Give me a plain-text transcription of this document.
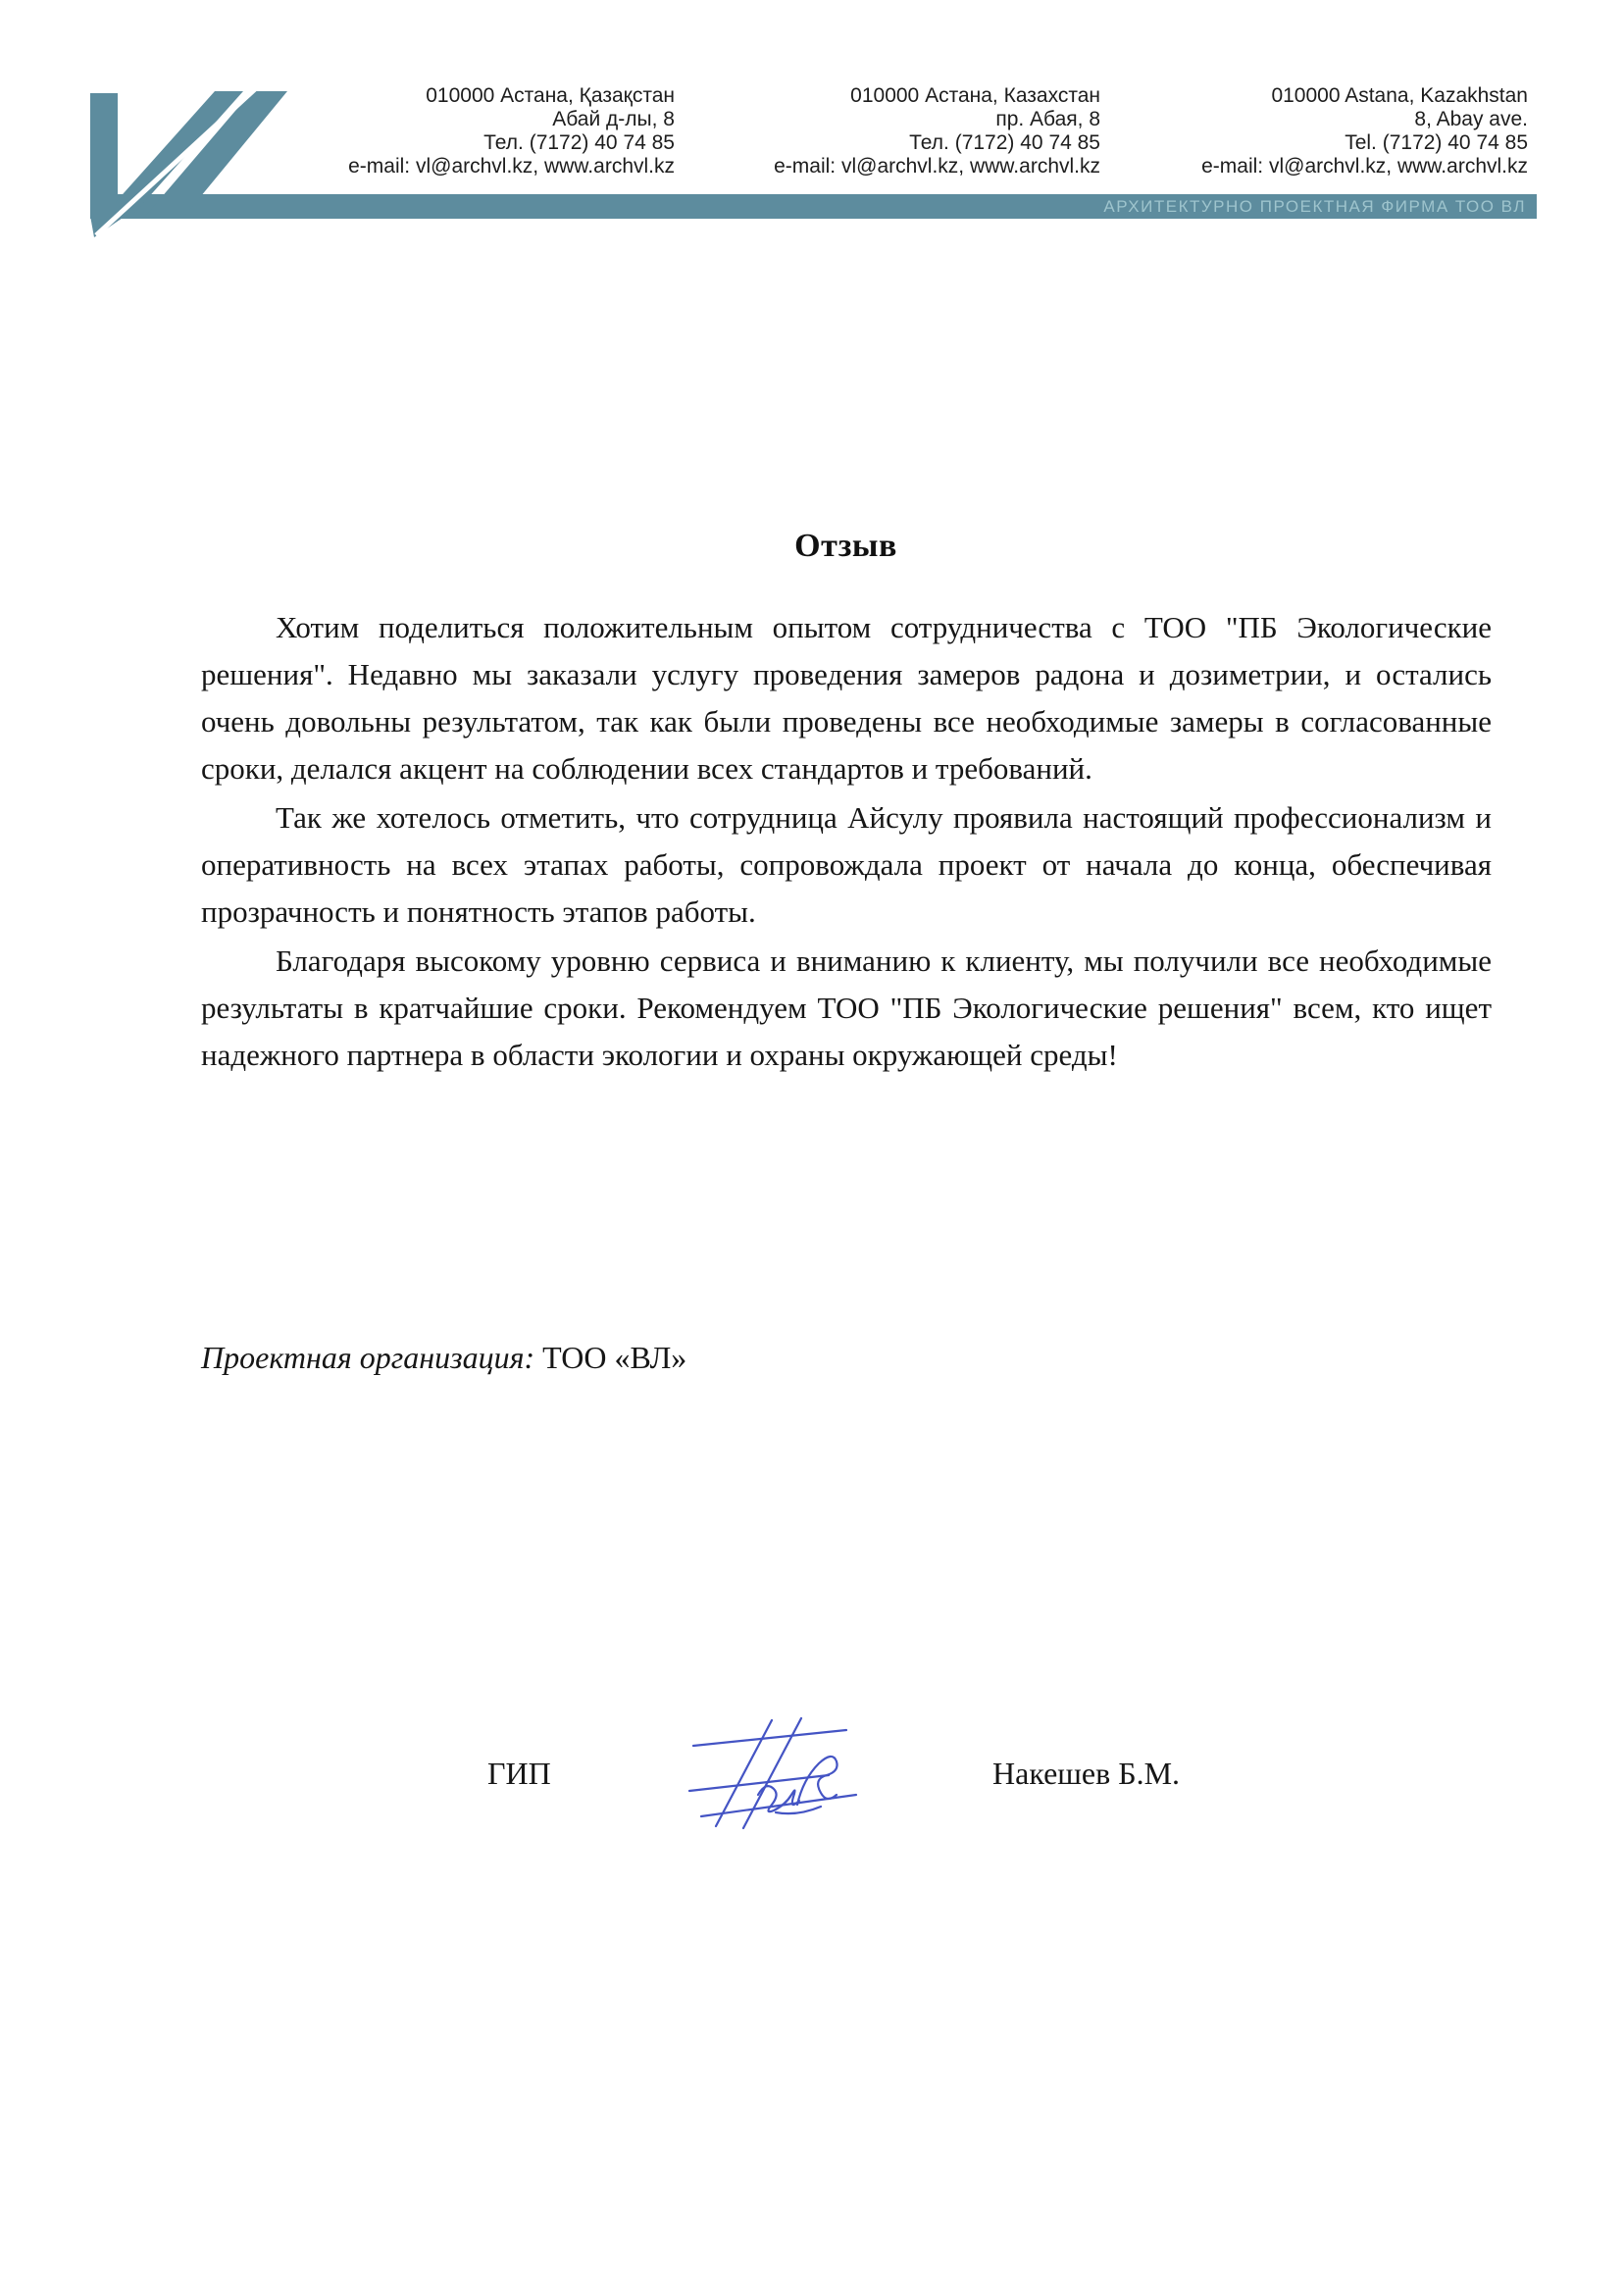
010000 Астана, Қазақстан
Абай д-лы, 8
Тел. (7172) 40 74 85
e-mail: vl@archvl.kz, www.archvl.kz
010000 Астана, Казахстан
пр. Абая, 8
Тел. (7172) 40 74 85
e-mail: vl@archvl.kz, www.archvl.kz
010000 Astana, Kazakhstan
8, Abay ave.
Tel. (7172) 40 74 85
e-mail: vl@archvl.kz, www.archvl.kz
АРХИТЕКТУРНО ПРОЕКТНАЯ ФИРМА ТОО ВЛ
Отзыв

Хотим поделиться положительным опытом сотрудничества с ТОО "ПБ Экологические решения". Недавно мы заказали услугу проведения замеров радона и дозиметрии, и остались очень довольны результатом, так как были проведены все необходимые замеры в согласованные сроки, делался акцент на соблюдении всех стандартов и требований.

Так же хотелось отметить, что сотрудница Айсулу проявила настоящий профессионализм и оперативность на всех этапах работы, сопровождала проект от начала до конца, обеспечивая прозрачность и понятность этапов работы.

Благодаря высокому уровню сервиса и вниманию к клиенту, мы получили все необходимые результаты в кратчайшие сроки. Рекомендуем ТОО "ПБ Экологические решения" всем, кто ищет надежного партнера в области экологии и охраны окружающей среды!

Проектная организация: ТОО «ВЛ»
ГИП	Накешев Б.М.
